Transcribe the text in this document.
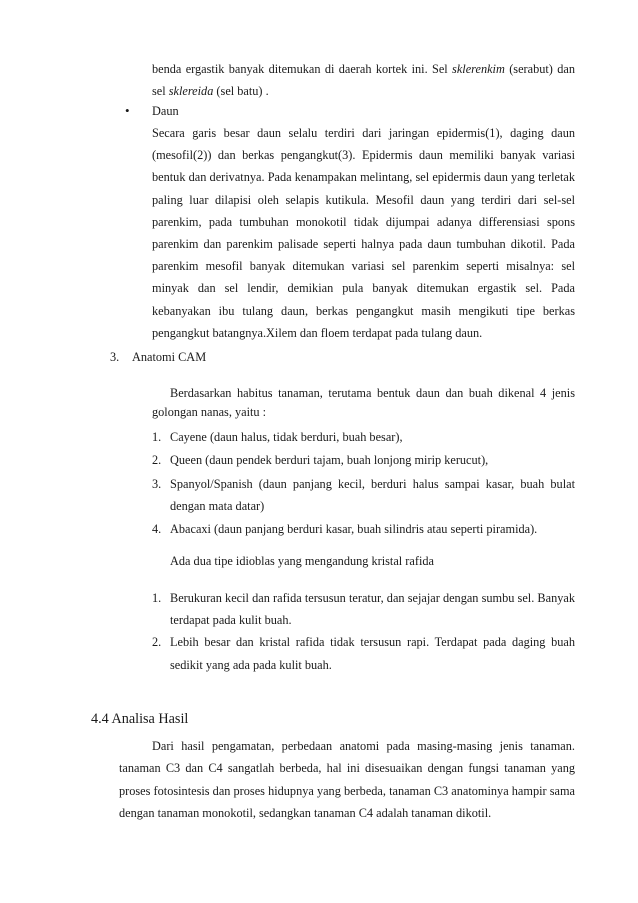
benda ergastik banyak ditemukan di daerah kortek ini. Sel sklerenkim (serabut) dan sel sklereida (sel batu) .

• Daun

Secara garis besar daun selalu terdiri dari jaringan epidermis(1), daging daun (mesofil(2)) dan berkas pengangkut(3). Epidermis daun memiliki banyak variasi bentuk dan derivatnya. Pada kenampakan melintang, sel epidermis daun yang terletak paling luar dilapisi oleh selapis kutikula. Mesofil daun yang terdiri dari sel-sel parenkim, pada tumbuhan monokotil tidak dijumpai adanya differensiasi spons parenkim dan parenkim palisade seperti halnya pada daun tumbuhan dikotil. Pada parenkim mesofil banyak ditemukan variasi sel parenkim seperti misalnya: sel minyak dan sel lendir, demikian pula banyak ditemukan ergastik sel. Pada kebanyakan ibu tulang daun, berkas pengangkut masih mengikuti tipe berkas pengangkut batangnya.Xilem dan floem terdapat pada tulang daun.

3. Anatomi CAM

Berdasarkan habitus tanaman, terutama bentuk daun dan buah dikenal 4 jenis golongan nanas, yaitu :

1. Cayene (daun halus, tidak berduri, buah besar),
2. Queen (daun pendek berduri tajam, buah lonjong mirip kerucut),
3. Spanyol/Spanish (daun panjang kecil, berduri halus sampai kasar, buah bulat dengan mata datar)
4. Abacaxi (daun panjang berduri kasar, buah silindris atau seperti piramida).

Ada dua tipe idioblas yang mengandung kristal rafida

1. Berukuran kecil dan rafida tersusun teratur, dan sejajar dengan sumbu sel. Banyak terdapat pada kulit buah.
2. Lebih besar dan kristal rafida tidak tersusun rapi. Terdapat pada daging buah sedikit yang ada pada kulit buah.
4.4 Analisa Hasil

Dari hasil pengamatan, perbedaan anatomi pada masing-masing jenis tanaman. tanaman C3 dan C4 sangatlah berbeda, hal ini disesuaikan dengan fungsi tanaman yang proses fotosintesis dan proses hidupnya yang berbeda, tanaman C3 anatominya hampir sama dengan tanaman monokotil, sedangkan tanaman C4 adalah tanaman dikotil.
